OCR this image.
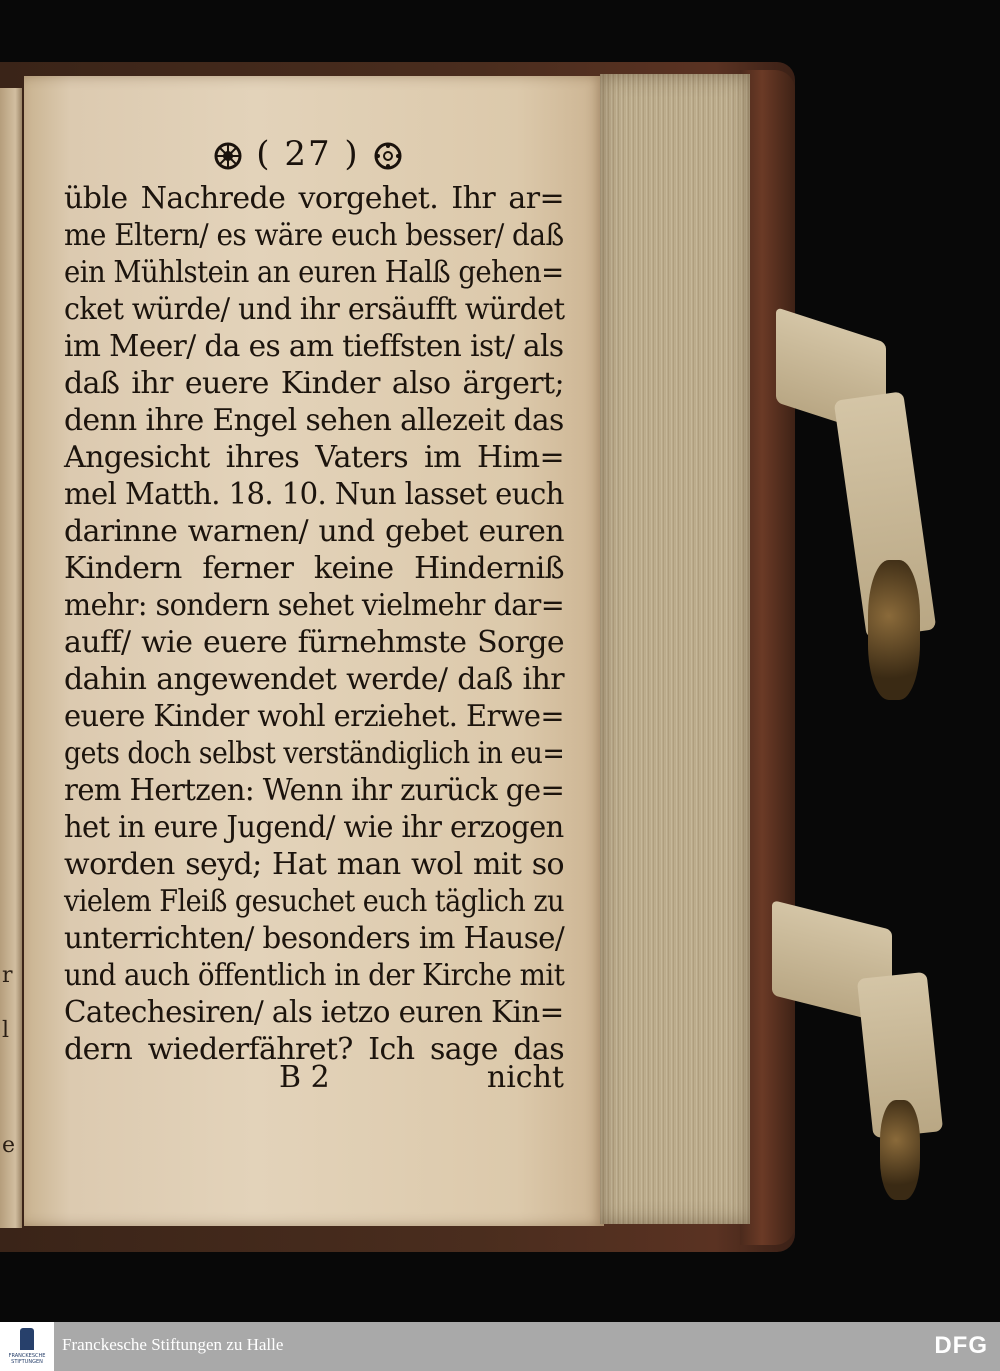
r
l
e
( 27 )
üble Nachrede vorgehet. Ihr ar=
me Eltern/ es wäre euch besser/ daß
ein Mühlstein an euren Halß gehen=
cket würde/ und ihr ersäufft würdet
im Meer/ da es am tieffsten ist/ als
daß ihr euere Kinder also ärgert;
denn ihre Engel sehen allezeit das
Angesicht ihres Vaters im Him=
mel Matth. 18. 10. Nun lasset euch
darinne warnen/ und gebet euren
Kindern ferner keine Hinderniß
mehr: sondern sehet vielmehr dar=
auff/ wie euere fürnehmste Sorge
dahin angewendet werde/ daß ihr
euere Kinder wohl erziehet. Erwe=
gets doch selbst verständiglich in eu=
rem Hertzen: Wenn ihr zurück ge=
het in eure Jugend/ wie ihr erzogen
worden seyd; Hat man wol mit so
vielem Fleiß gesuchet euch täglich zu
unterrichten/ besonders im Hause/
und auch öffentlich in der Kirche mit
Catechesiren/ als ietzo euren Kin=
dern wiederfähret? Ich sage das
B 2	nicht
FRANCKESCHE STIFTUNGEN
Franckesche Stiftungen zu Halle	DFG
